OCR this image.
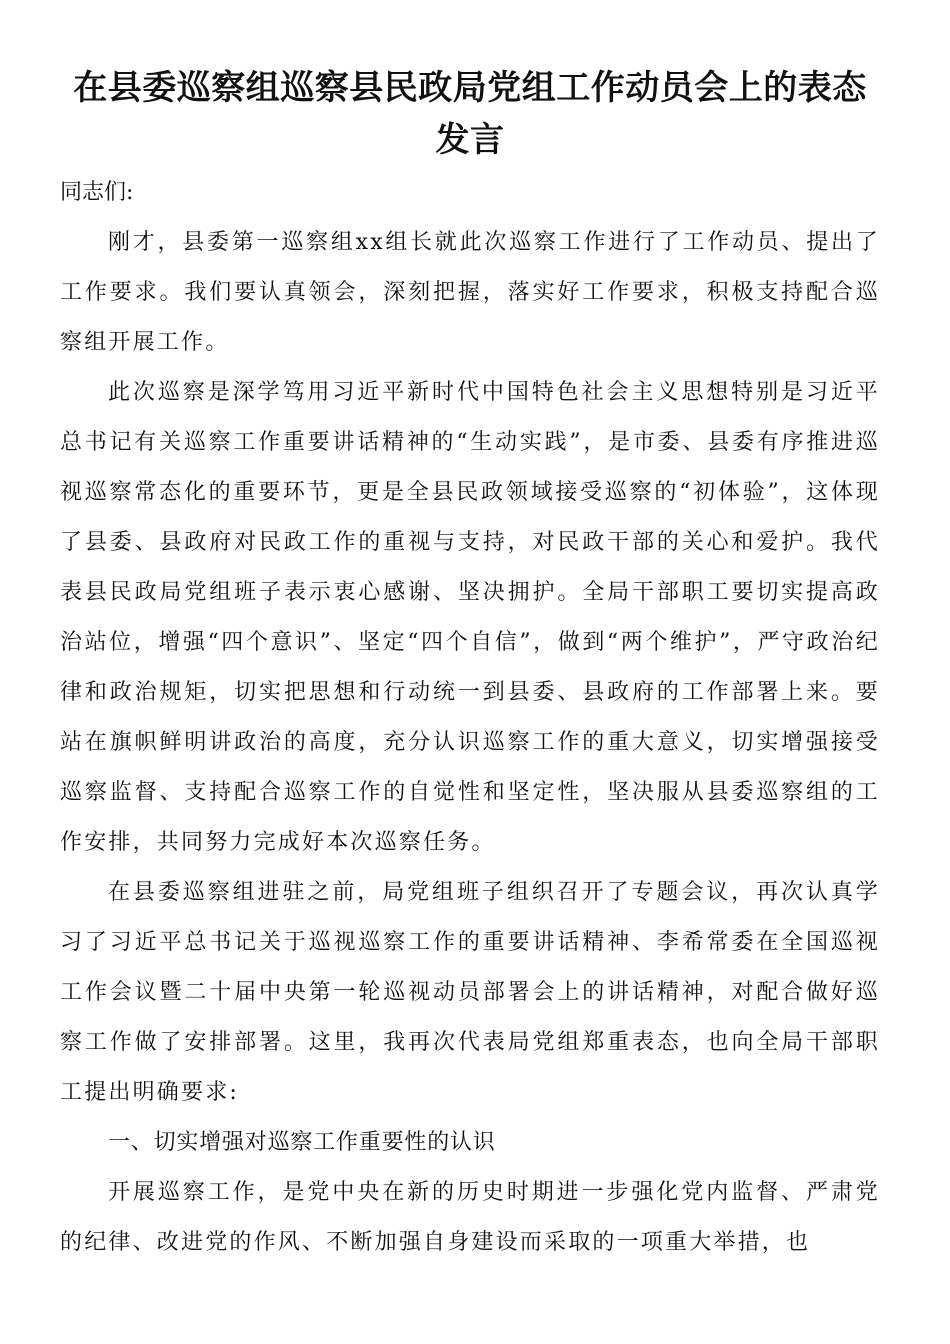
在县委巡察组巡察县民政局党组工作动员会上的表态发言

同志们:

刚才，县委第一巡察组xx组长就此次巡察工作进行了工作动员、提出了工作要求。我们要认真领会，深刻把握，落实好工作要求，积极支持配合巡察组开展工作。

此次巡察是深学笃用习近平新时代中国特色社会主义思想特别是习近平总书记有关巡察工作重要讲话精神的“生动实践”，是市委、县委有序推进巡视巡察常态化的重要环节，更是全县民政领域接受巡察的“初体验”，这体现了县委、县政府对民政工作的重视与支持，对民政干部的关心和爱护。我代表县民政局党组班子表示衷心感谢、坚决拥护。全局干部职工要切实提高政治站位，增强“四个意识”、坚定“四个自信”，做到“两个维护”，严守政治纪律和政治规矩，切实把思想和行动统一到县委、县政府的工作部署上来。要站在旗帜鲜明讲政治的高度，充分认识巡察工作的重大意义，切实增强接受巡察监督、支持配合巡察工作的自觉性和坚定性，坚决服从县委巡察组的工作安排，共同努力完成好本次巡察任务。

在县委巡察组进驻之前，局党组班子组织召开了专题会议，再次认真学习了习近平总书记关于巡视巡察工作的重要讲话精神、李希常委在全国巡视工作会议暨二十届中央第一轮巡视动员部署会上的讲话精神，对配合做好巡察工作做了安排部署。这里，我再次代表局党组郑重表态，也向全局干部职工提出明确要求:

一、切实增强对巡察工作重要性的认识

开展巡察工作，是党中央在新的历史时期进一步强化党内监督、严肃党的纪律、改进党的作风、不断加强自身建设而采取的一项重大举措，也
